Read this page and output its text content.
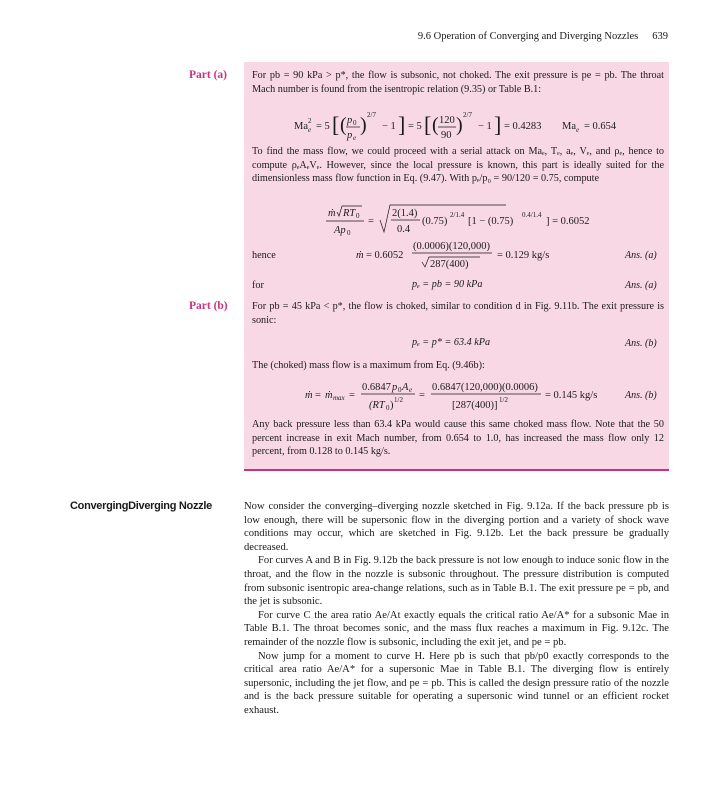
9.6 Operation of Converging and Diverging Nozzles 639
Part (a) For pb = 90 kPa > p*, the flow is subsonic, not choked. The exit pressure is pe = pb. The throat Mach number is found from the isentropic relation (9.35) or Table B.1:
Ma 2
e = 5 [ ( p 0
p e
) 2/7
− 1 ] = 5 [ ( 120
90 ) 2/7
− 1 ] = 0.4283 Ma e = 0.654
To find the mass flow, we could proceed with a serial attack on Maₑ, Tₑ, aₑ, Vₑ, and ρₑ, hence to compute ρₑAₑVₑ. However, since the local pressure is known, this part is ideally suited for the dimensionless mass flow function in Eq. (9.47). With pₑ/p₀ = 90/120 = 0.75, compute
ṁ RT 0
Ap 0
=
2(1.4)
0.4
(0.75)
2/1.4
[1 − (0.75)
0.4/1.4
] = 0.6052
hence	ṁ = 0.6052
(0.0006)(120,000)
287(400)
= 0.129 kg/s	Ans. (a)
for	pₑ = pb = 90 kPa	Ans. (a)
Part (b) For pb = 45 kPa < p*, the flow is choked, similar to condition d in Fig. 9.11b. The exit pressure is sonic:
pₑ = p* = 63.4 kPa	Ans. (b)
The (choked) mass flow is a maximum from Eq. (9.46b):
ṁ = ṁ max =
0.6847 p 0 A e
(RT 0 ) 1/2 =
0.6847(120,000)(0.0006)
[287(400)] 1/2	= 0.145 kg/s	Ans. (b)
Any back pressure less than 63.4 kPa would cause this same choked mass flow. Note that the 50 percent increase in exit Mach number, from 0.654 to 1.0, has increased the mass flow only 12 percent, from 0.128 to 0.145 kg/s.
ConvergingDiverging Nozzle	Now consider the converging–diverging nozzle sketched in Fig. 9.12a. If the back pressure pb is low enough, there will be supersonic flow in the diverging portion and a variety of shock wave conditions may occur, which are sketched in Fig. 9.12b. Let the back pressure be gradually decreased.

For curves A and B in Fig. 9.12b the back pressure is not low enough to induce sonic flow in the throat, and the flow in the nozzle is subsonic throughout. The pressure distribution is computed from subsonic isentropic area-change relations, such as in Table B.1. The exit pressure pe = pb, and the jet is subsonic.

For curve C the area ratio Ae/At exactly equals the critical ratio Ae/A* for a subsonic Mae in Table B.1. The throat becomes sonic, and the mass flux reaches a maximum in Fig. 9.12c. The remainder of the nozzle flow is subsonic, including the exit jet, and pe = pb.

Now jump for a moment to curve H. Here pb is such that pb/p0 exactly corresponds to the critical area ratio Ae/A* for a supersonic Mae in Table B.1. The diverging flow is entirely supersonic, including the jet flow, and pe = pb. This is called the design pressure ratio of the nozzle and is the back pressure suitable for operating a supersonic wind tunnel or an efficient rocket exhaust.
